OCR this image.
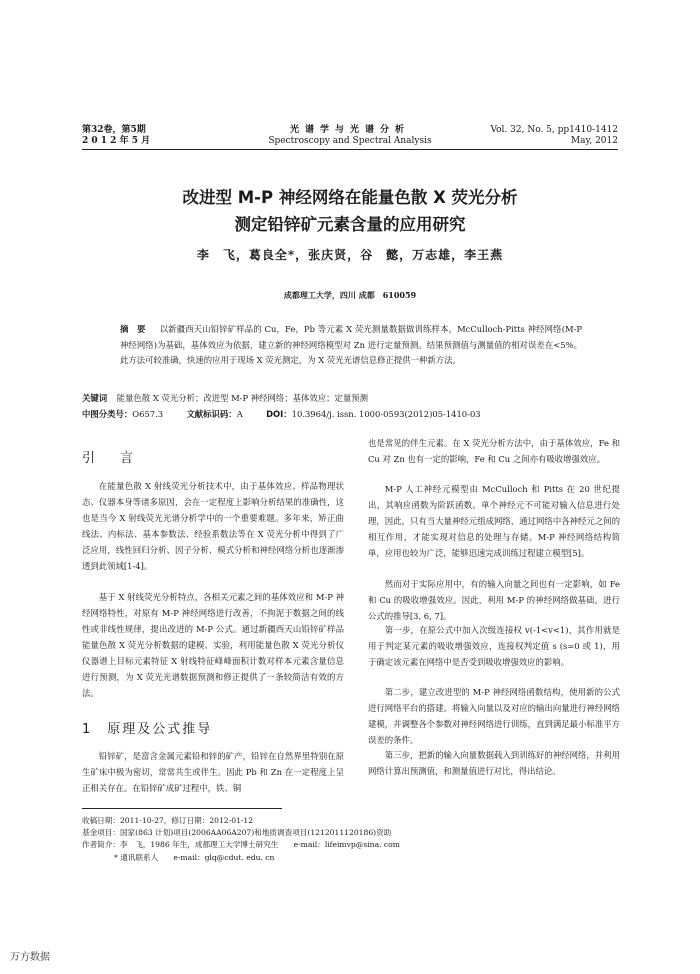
第32卷，第5期
2 0 1 2 年 5 月
光谱学与光谱分析
Spectroscopy and Spectral Analysis
Vol. 32, No. 5, pp1410-1412
May, 2012
改进型 M-P 神经网络在能量色散 X 荧光分析
测定铅锌矿元素含量的应用研究
李　飞，葛良全*，张庆贤，谷　懿，万志雄，李王燕
成都理工大学，四川 成都　610059
摘　要   以新疆西天山铅锌矿样品的 Cu，Fe，Pb 等元素 X 荧光测量数据做训练样本，McCulloch-Pitts 神经网络(M-P 神经网络)为基础，基体效应为依据，建立新的神经网络模型对 Zn 进行定量预测。结果预测值与测量值的相对误差在<5%。此方法可较准确，快速的应用于现场 X 荧光测定，为 X 荧光光谱信息修正提供一种新方法。
关键词   能量色散 X 荧光分析；改进型 M-P 神经网络；基体效应；定量预测
中图分类号：O657.3	文献标识码：A	DOI：10.3964/j. issn. 1000-0593(2012)05-1410-03
引　言

在能量色散 X 射线荧光分析技术中，由于基体效应、样品物理状态、仪器本身等诸多原因，会在一定程度上影响分析结果的准确性，这也是当今 X 射线荧光光谱分析学中的一个重要难题。多年来，矫正曲线法、内标法、基本参数法、经验系数法等在 X 荧光分析中得到了广泛应用，线性回归分析、因子分析、模式分析和神经网络分析也逐渐渗透到此领域[1-4]。

基于 X 射线荧光分析特点，各相关元素之间的基体效应和 M-P 神经网络特性，对原有 M-P 神经网络进行改善，不拘泥于数据之间的线性或非线性规律，提出改进的 M-P 公式。通过新疆西天山铅锌矿样品能量色散 X 荧光分析数据的建模、实验，利用能量色散 X 荧光分析仪仪器谱上目标元素特征 X 射线特征峰峰面积计数对样本元素含量信息进行预测，为 X 荧光光谱数据预测和修正提供了一条较简洁有效的方法。

1　原理及公式推导

铅锌矿，是富含金属元素铅和锌的矿产，铅锌在自然界里特别在原生矿床中极为密切，常常共生或伴生。因此 Pb 和 Zn 在一定程度上呈正相关存在。在铅锌矿成矿过程中，铁、铜

也是常见的伴生元素。在 X 荧光分析方法中，由于基体效应，Fe 和 Cu 对 Zn 也有一定的影响，Fe 和 Cu 之间亦有吸收增强效应。

M-P 人工神经元模型由 McCulloch 和 Pitts 在 20 世纪提出，其响应函数为阶跃函数。单个神经元不可能对输入信息进行处理，因此，只有当大量神经元组成网络，通过网络中各神经元之间的相互作用，才能实现对信息的处理与存储。M-P 神经网络结构简单，应用也较为广泛，能够迅速完成训练过程建立模型[5]。

然而对于实际应用中，有的输入向量之间也有一定影响，如 Fe 和 Cu 的吸收增强效应。因此，利用 M-P 的神经网络做基础，进行公式的推导[3, 6, 7]。

第一步，在原公式中加入次级连接权 v(-1<v<1)，其作用就是用于判定某元素的吸收增强效应，连接权判定值 s (s=0 或 1)，用于确定该元素在网络中是否受到吸收增强效应的影响。

第二步，建立改进型的 M-P 神经网络函数结构，使用新的公式进行网络平台的搭建。将输入向量以及对应的输出向量进行神经网络建模，并调整各个参数对神经网络进行训练，直到满足最小标准平方误差的条件。

第三步，把新的输入向量数据载入到训练好的神经网络，并利用网络计算出预测值，和测量值进行对比，得出结论。

收稿日期：2011-10-27，修订日期：2012-01-12
基金项目：国家(863 计划)项目(2006AA06A207)和地质调查项目(1212011120186)资助
作者简介：李　飞，1986 年生，成都理工大学博士研究生　　e-mail：lifeimvp@sina. com
* 通讯联系人　　e-mail：glq@cdut. edu. cn
万方数据
